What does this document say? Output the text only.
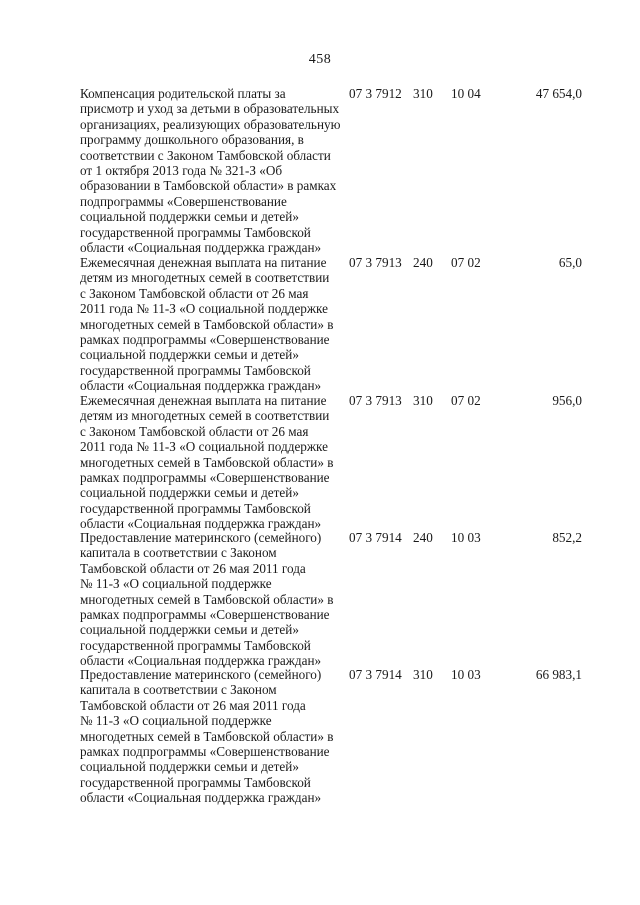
458
Компенсация родительской платы за
присмотр и уход за детьми в образовательных
организациях, реализующих образовательную
программу дошкольного образования, в
соответствии с Законом Тамбовской области
от 1 октября 2013 года № 321-З «Об
образовании в Тамбовской области» в рамках
подпрограммы «Совершенствование
социальной поддержки семьи и детей»
государственной программы Тамбовской
области «Социальная поддержка граждан»
07 3 7912 310 10 04	47 654,0
Ежемесячная денежная выплата на питание
детям из многодетных семей в соответствии
с Законом Тамбовской области от 26 мая
2011 года № 11-З «О социальной поддержке
многодетных семей в Тамбовской области» в
рамках подпрограммы «Совершенствование
социальной поддержки семьи и детей»
государственной программы Тамбовской
области «Социальная поддержка граждан»
07 3 7913 240 07 02	65,0
Ежемесячная денежная выплата на питание
детям из многодетных семей в соответствии
с Законом Тамбовской области от 26 мая
2011 года № 11-З «О социальной поддержке
многодетных семей в Тамбовской области» в
рамках подпрограммы «Совершенствование
социальной поддержки семьи и детей»
государственной программы Тамбовской
области «Социальная поддержка граждан»
07 3 7913 310 07 02	956,0
Предоставление материнского (семейного)
капитала в соответствии с Законом
Тамбовской области от 26 мая 2011 года
№ 11-З «О социальной поддержке
многодетных семей в Тамбовской области» в
рамках подпрограммы «Совершенствование
социальной поддержки семьи и детей»
государственной программы Тамбовской
области «Социальная поддержка граждан»
07 3 7914 240 10 03	852,2
Предоставление материнского (семейного)
капитала в соответствии с Законом
Тамбовской области от 26 мая 2011 года
№ 11-З «О социальной поддержке
многодетных семей в Тамбовской области» в
рамках подпрограммы «Совершенствование
социальной поддержки семьи и детей»
государственной программы Тамбовской
области «Социальная поддержка граждан»
07 3 7914 310 10 03	66 983,1
